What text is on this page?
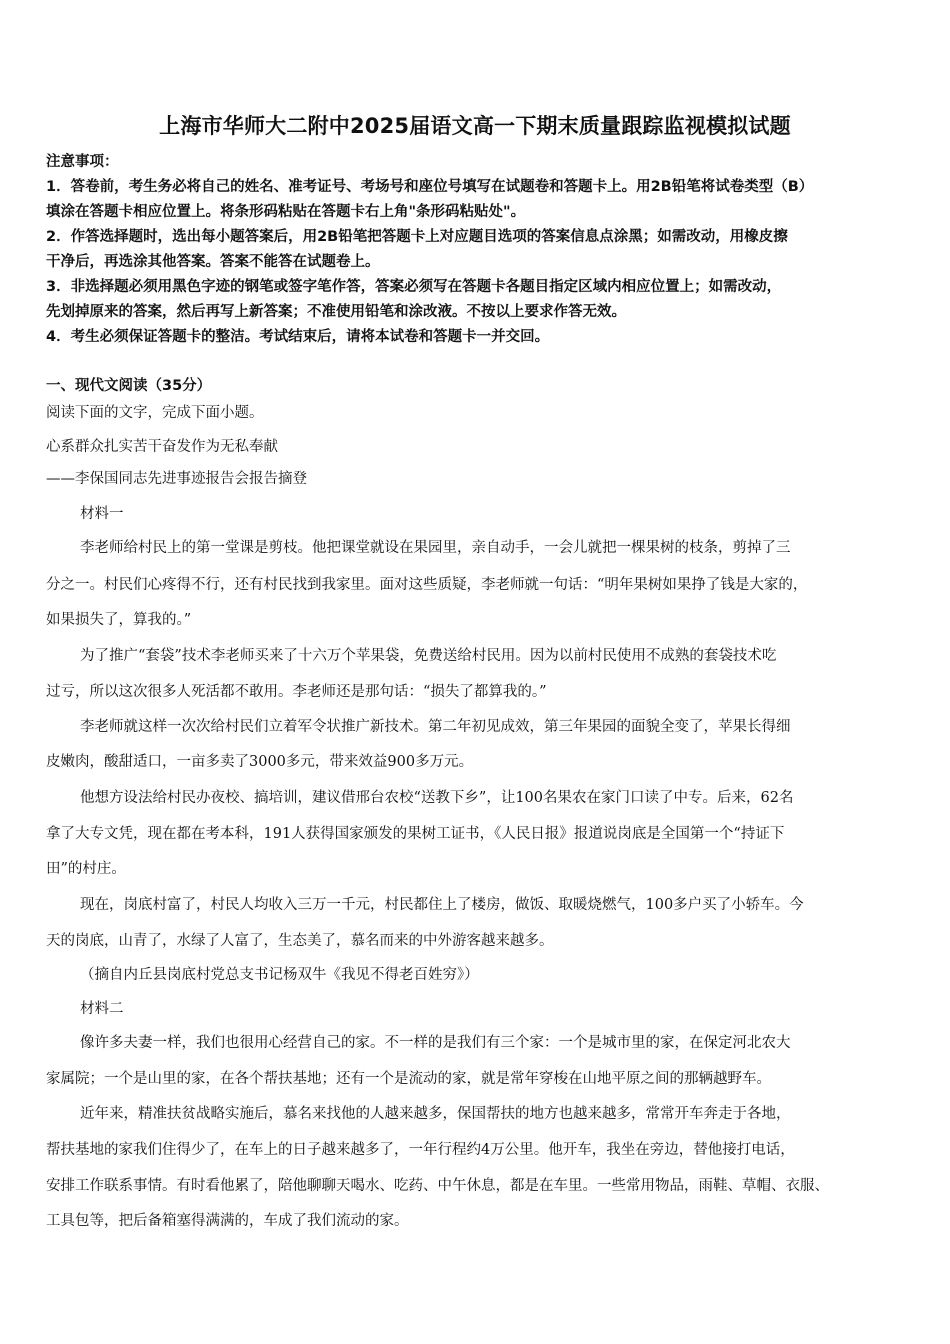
上海市华师大二附中2025届语文高一下期末质量跟踪监视模拟试题
注意事项：
1．答卷前，考生务必将自己的姓名、准考证号、考场号和座位号填写在试题卷和答题卡上。用2B铅笔将试卷类型（B）
填涂在答题卡相应位置上。将条形码粘贴在答题卡右上角"条形码粘贴处"。
2．作答选择题时，选出每小题答案后，用2B铅笔把答题卡上对应题目选项的答案信息点涂黑；如需改动，用橡皮擦
干净后，再选涂其他答案。答案不能答在试题卷上。
3．非选择题必须用黑色字迹的钢笔或签字笔作答，答案必须写在答题卡各题目指定区域内相应位置上；如需改动，
先划掉原来的答案，然后再写上新答案；不准使用铅笔和涂改液。不按以上要求作答无效。
4．考生必须保证答题卡的整洁。考试结束后，请将本试卷和答题卡一并交回。
一、现代文阅读（35分）
阅读下面的文字，完成下面小题。
心系群众扎实苦干奋发作为无私奉献
——李保国同志先进事迹报告会报告摘登
材料一
李老师给村民上的第一堂课是剪枝。他把课堂就设在果园里，亲自动手，一会儿就把一棵果树的枝条，剪掉了三
分之一。村民们心疼得不行，还有村民找到我家里。面对这些质疑，李老师就一句话：“明年果树如果挣了钱是大家的，
如果损失了，算我的。”
为了推广“套袋”技术李老师买来了十六万个苹果袋，免费送给村民用。因为以前村民使用不成熟的套袋技术吃
过亏，所以这次很多人死活都不敢用。李老师还是那句话：“损失了都算我的。”
李老师就这样一次次给村民们立着军令状推广新技术。第二年初见成效，第三年果园的面貌全变了，苹果长得细
皮嫩肉，酸甜适口，一亩多卖了3000多元，带来效益900多万元。
他想方设法给村民办夜校、搞培训，建议借邢台农校“送教下乡”，让100名果农在家门口读了中专。后来，62名
拿了大专文凭，现在都在考本科，191人获得国家颁发的果树工证书，《人民日报》报道说岗底是全国第一个“持证下
田”的村庄。
现在，岗底村富了，村民人均收入三万一千元，村民都住上了楼房，做饭、取暖烧燃气，100多户买了小轿车。今
天的岗底，山青了，水绿了人富了，生态美了，慕名而来的中外游客越来越多。
（摘自内丘县岗底村党总支书记杨双牛《我见不得老百姓穷》）
材料二
像许多夫妻一样，我们也很用心经营自己的家。不一样的是我们有三个家：一个是城市里的家，在保定河北农大
家属院；一个是山里的家，在各个帮扶基地；还有一个是流动的家，就是常年穿梭在山地平原之间的那辆越野车。
近年来，精准扶贫战略实施后，慕名来找他的人越来越多，保国帮扶的地方也越来越多，常常开车奔走于各地，
帮扶基地的家我们住得少了，在车上的日子越来越多了，一年行程约4万公里。他开车，我坐在旁边，替他接打电话，
安排工作联系事情。有时看他累了，陪他聊聊天喝水、吃药、中午休息，都是在车里。一些常用物品，雨鞋、草帽、衣服、
工具包等，把后备箱塞得满满的，车成了我们流动的家。
